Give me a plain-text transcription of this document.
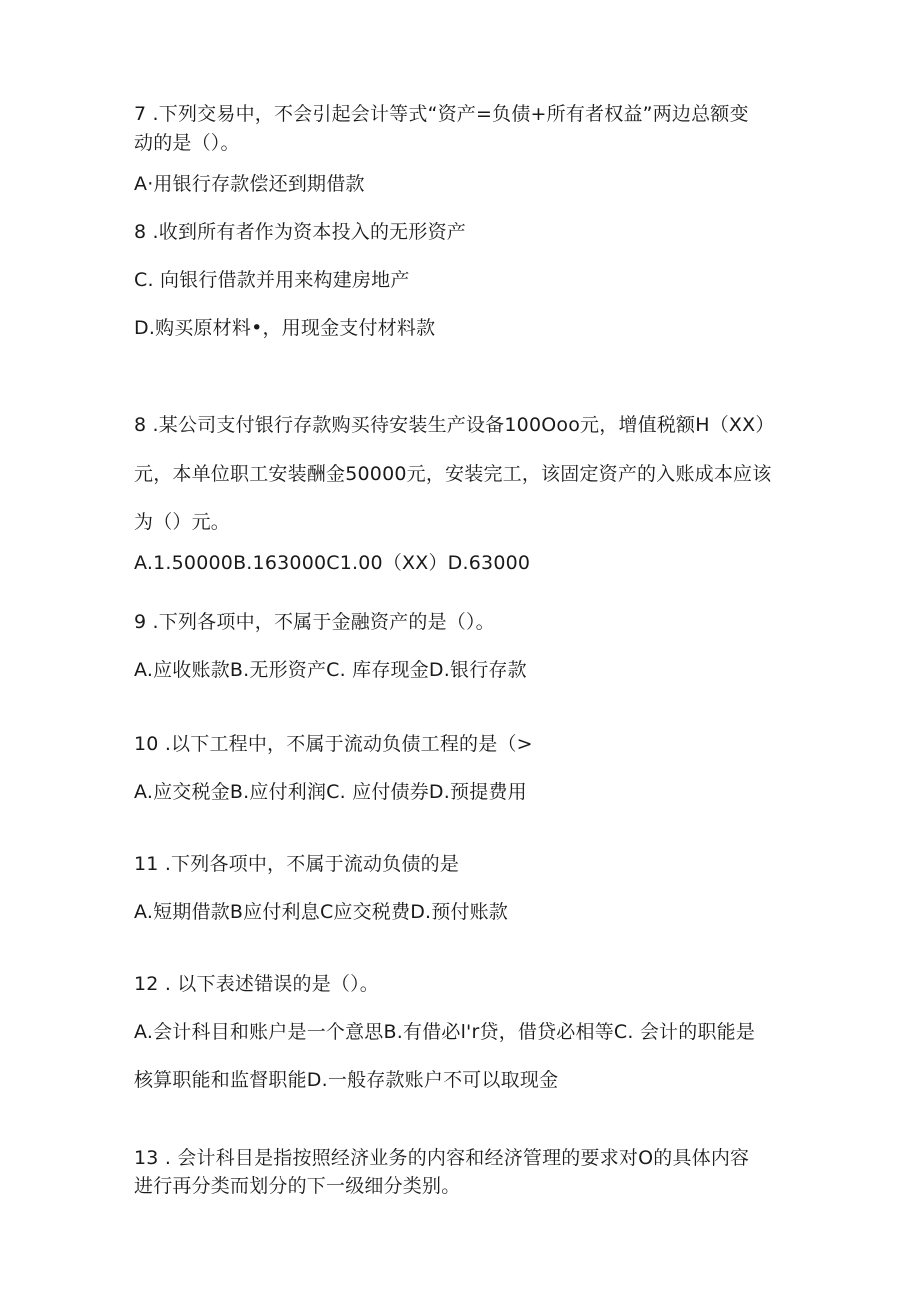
7 .下列交易中，不会引起会计等式“资产=负债+所有者权益”两边总额变
动的是（）。
A·用银行存款偿还到期借款
8 .收到所有者作为资本投入的无形资产
C. 向银行借款并用来构建房地产
D.购买原材料•，用现金支付材料款
8 .某公司支付银行存款购买待安装生产设备100Ooo元，增值税额H（XX）
元，本单位职工安装酬金50000元，安装完工，该固定资产的入账成本应该
为（）元。
A.1.50000B.163000C1.00（XX）D.63000
9 .下列各项中，不属于金融资产的是（）。
A.应收账款B.无形资产C. 库存现金D.银行存款
10 .以下工程中，不属于流动负债工程的是（>
A.应交税金B.应付利润C. 应付债券D.预提费用
11 .下列各项中，不属于流动负债的是
A.短期借款B应付利息C应交税费D.预付账款
12 . 以下表述错误的是（）。
A.会计科目和账户是一个意思B.有借必l'r贷，借贷必相等C. 会计的职能是
核算职能和监督职能D.一般存款账户不可以取现金
13 . 会计科目是指按照经济业务的内容和经济管理的要求对O的具体内容
进行再分类而划分的下一级细分类别。
